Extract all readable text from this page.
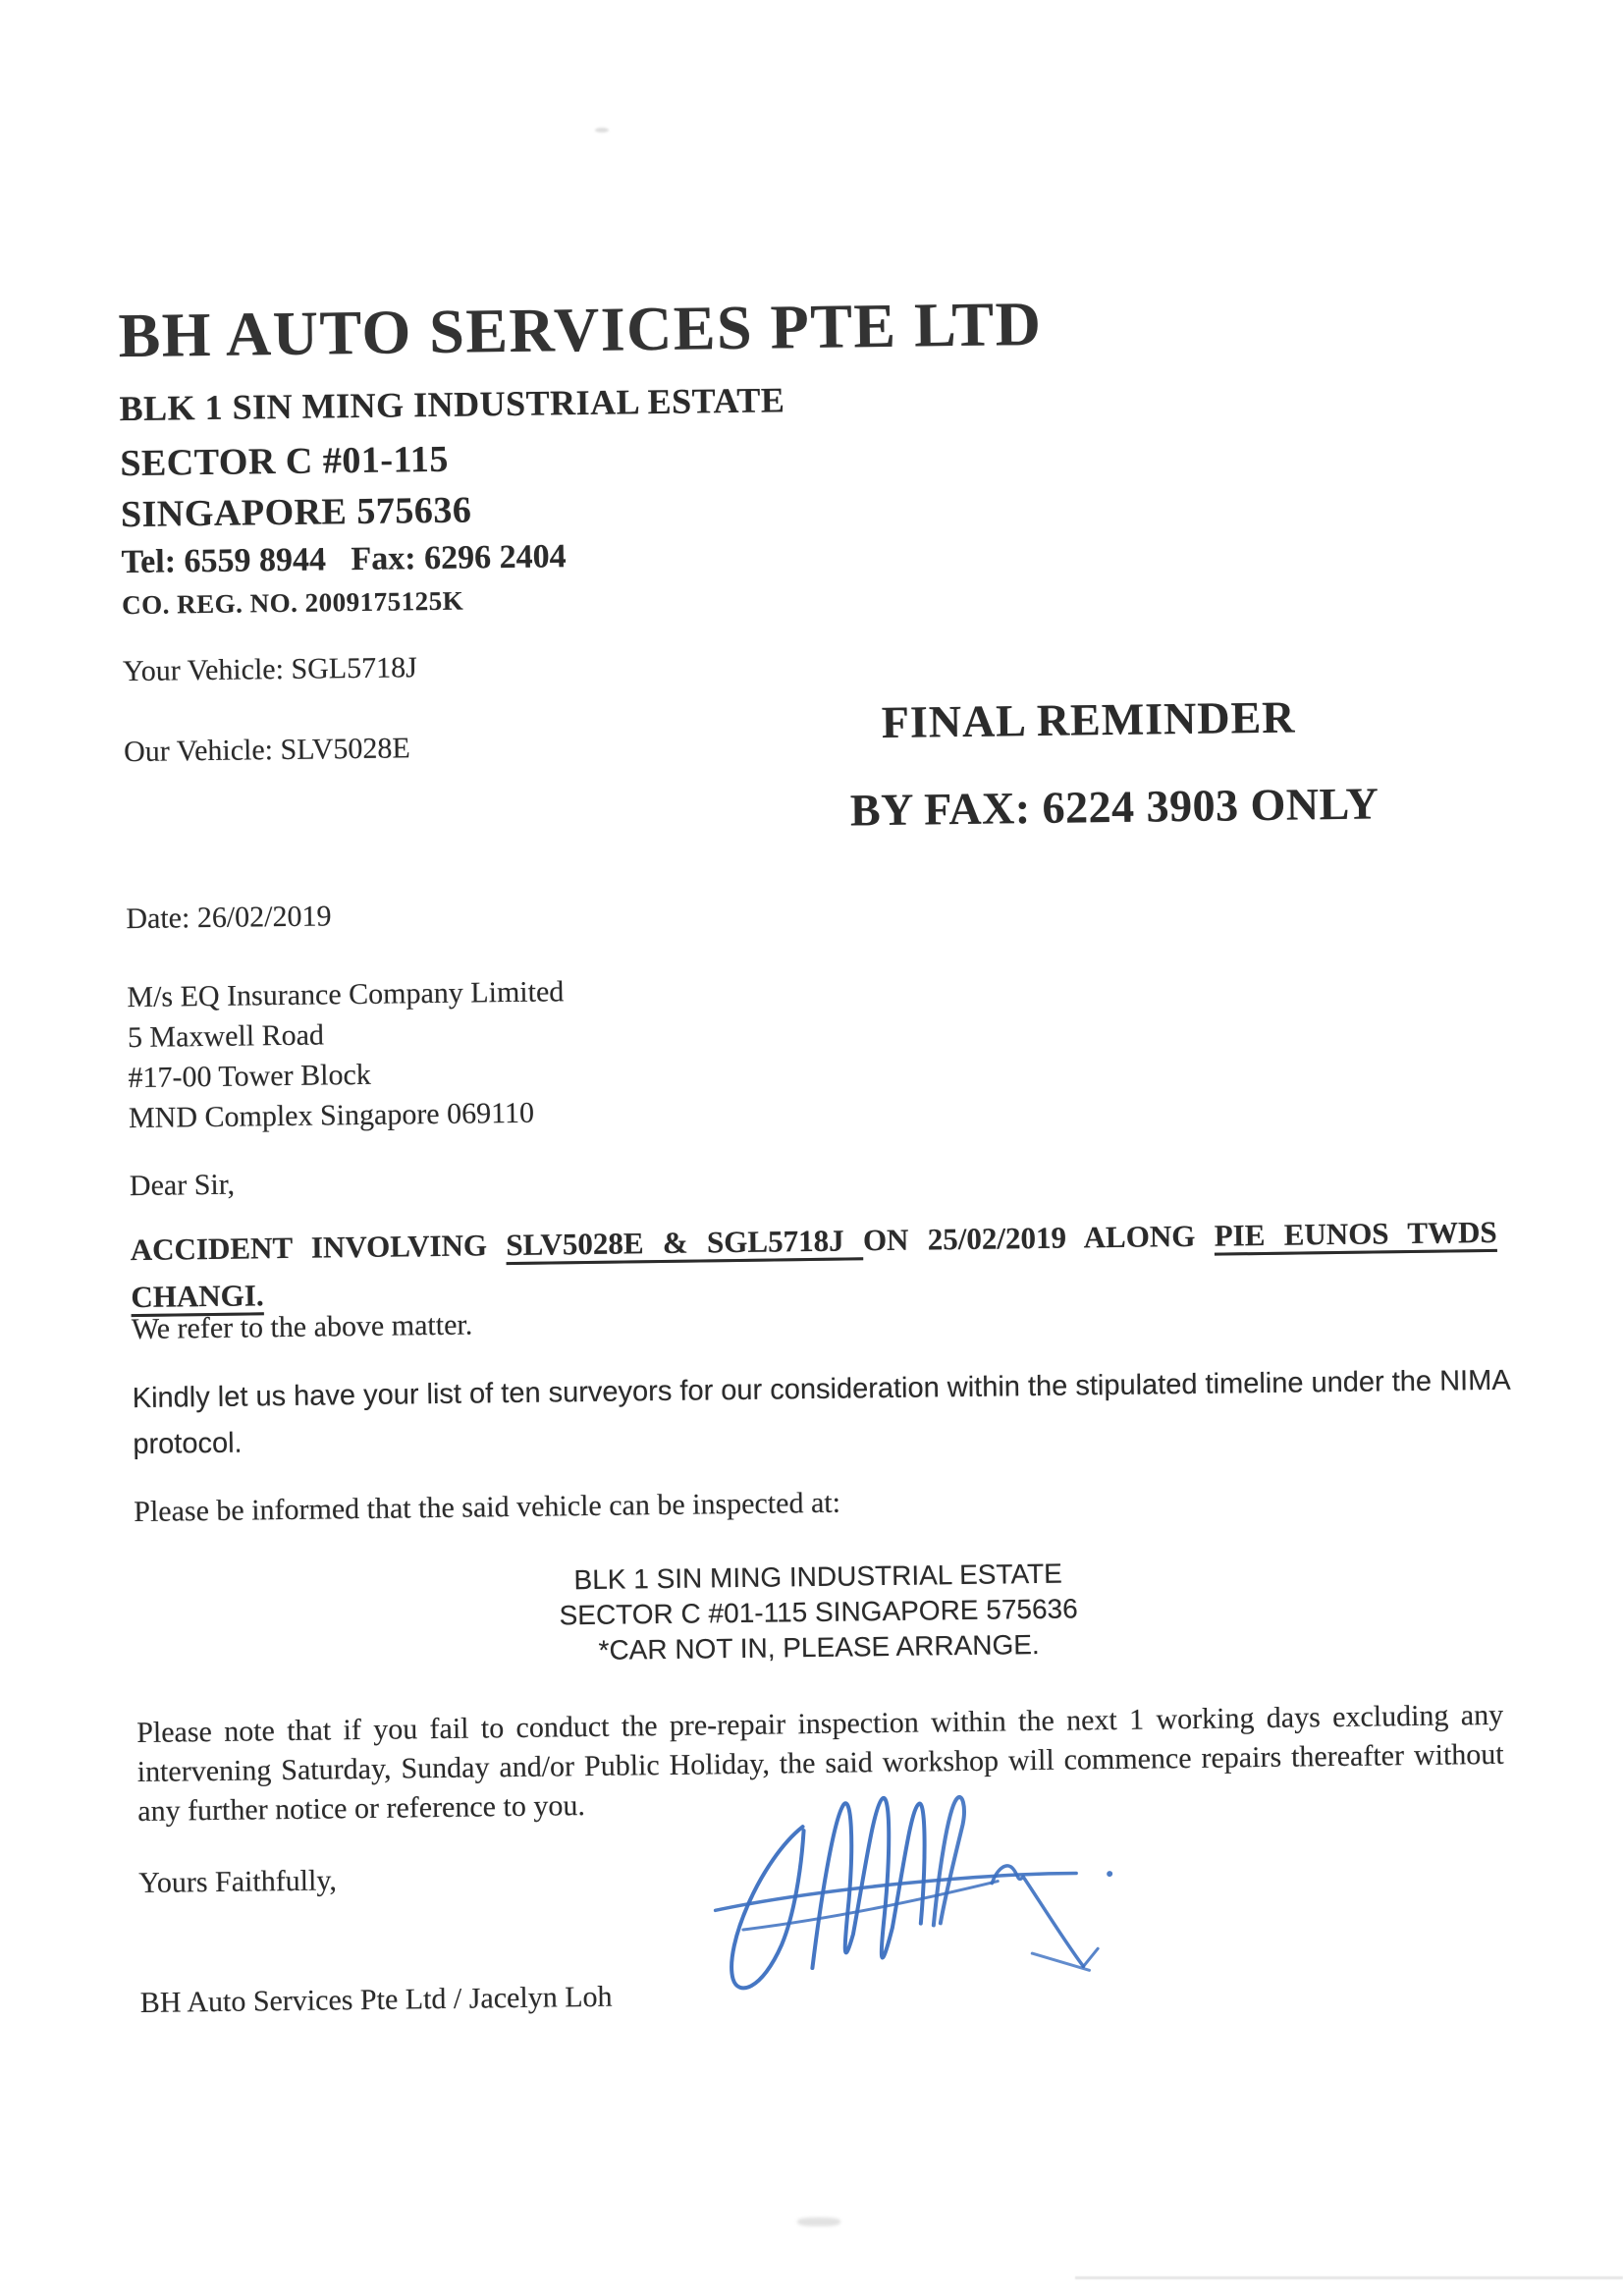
BH AUTO SERVICES PTE LTD
BLK 1 SIN MING INDUSTRIAL ESTATE
SECTOR C #01-115
SINGAPORE 575636
Tel: 6559 8944   Fax: 6296 2404
CO. REG. NO. 2009175125K
Your Vehicle: SGL5718J
Our Vehicle: SLV5028E
FINAL REMINDER
BY FAX: 6224 3903 ONLY
Date: 26/02/2019
M/s EQ Insurance Company Limited
5 Maxwell Road
#17-00 Tower Block
MND Complex Singapore 069110
Dear Sir,
ACCIDENT INVOLVING SLV5028E & SGL5718J ON 25/02/2019 ALONG PIE EUNOS TWDS
CHANGI.
We refer to the above matter.
Kindly let us have your list of ten surveyors for our consideration within the stipulated timeline under the NIMA protocol.
Please be informed that the said vehicle can be inspected at:
BLK 1 SIN MING INDUSTRIAL ESTATE
SECTOR C #01-115 SINGAPORE 575636
*CAR NOT IN, PLEASE ARRANGE.
Please note that if you fail to conduct the pre-repair inspection within the next 1 working days excluding any intervening Saturday, Sunday and/or Public Holiday, the said workshop will commence repairs thereafter without any further notice or reference to you.
Yours Faithfully,
BH Auto Services Pte Ltd / Jacelyn Loh
